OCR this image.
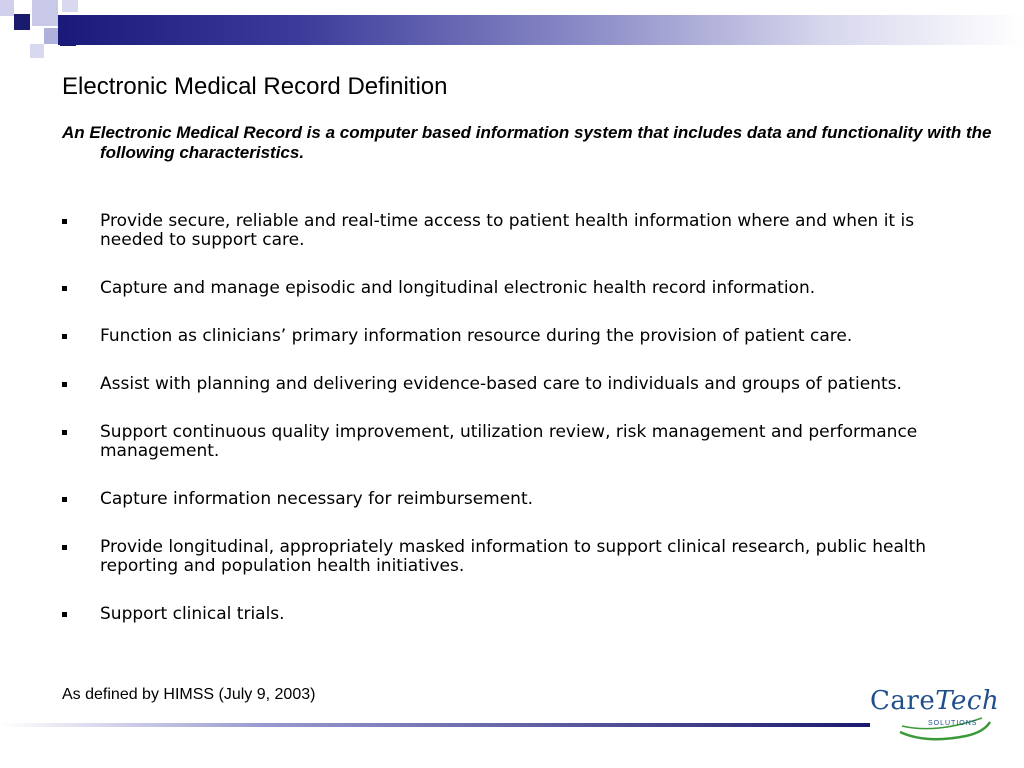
Electronic Medical Record Definition

An Electronic Medical Record is a computer based information system that includes data and functionality with the following characteristics.

Provide secure, reliable and real-time access to patient health information where and when it is needed to support care.
Capture and manage episodic and longitudinal electronic health record information.
Function as clinicians’ primary information resource during the provision of patient care.
Assist with planning and delivering evidence-based care to individuals and groups of patients.
Support continuous quality improvement, utilization review, risk management and performance management.
Capture information necessary for reimbursement.
Provide longitudinal, appropriately masked information to support clinical research, public health reporting and population health initiatives.
Support clinical trials.

As defined by HIMSS (July 9, 2003)	CareTech
SOLUTIONS
